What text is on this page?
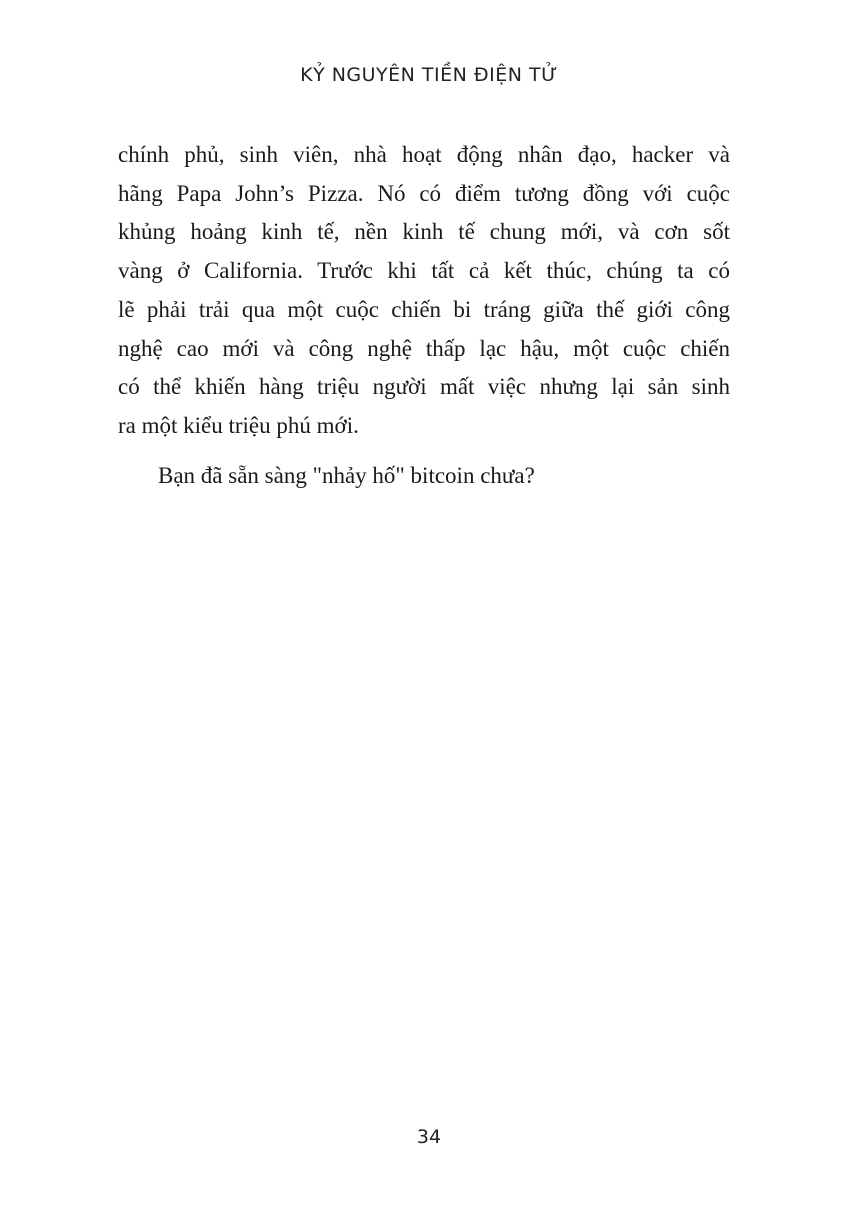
KỶ NGUYÊN TIỀN ĐIỆN TỬ
chính phủ, sinh viên, nhà hoạt động nhân đạo, hacker và
hãng Papa John’s Pizza. Nó có điểm tương đồng với cuộc
khủng hoảng kinh tế, nền kinh tế chung mới, và cơn sốt
vàng ở California. Trước khi tất cả kết thúc, chúng ta có
lẽ phải trải qua một cuộc chiến bi tráng giữa thế giới công
nghệ cao mới và công nghệ thấp lạc hậu, một cuộc chiến
có thể khiến hàng triệu người mất việc nhưng lại sản sinh
ra một kiểu triệu phú mới.
Bạn đã sẵn sàng "nhảy hố" bitcoin chưa?
34
